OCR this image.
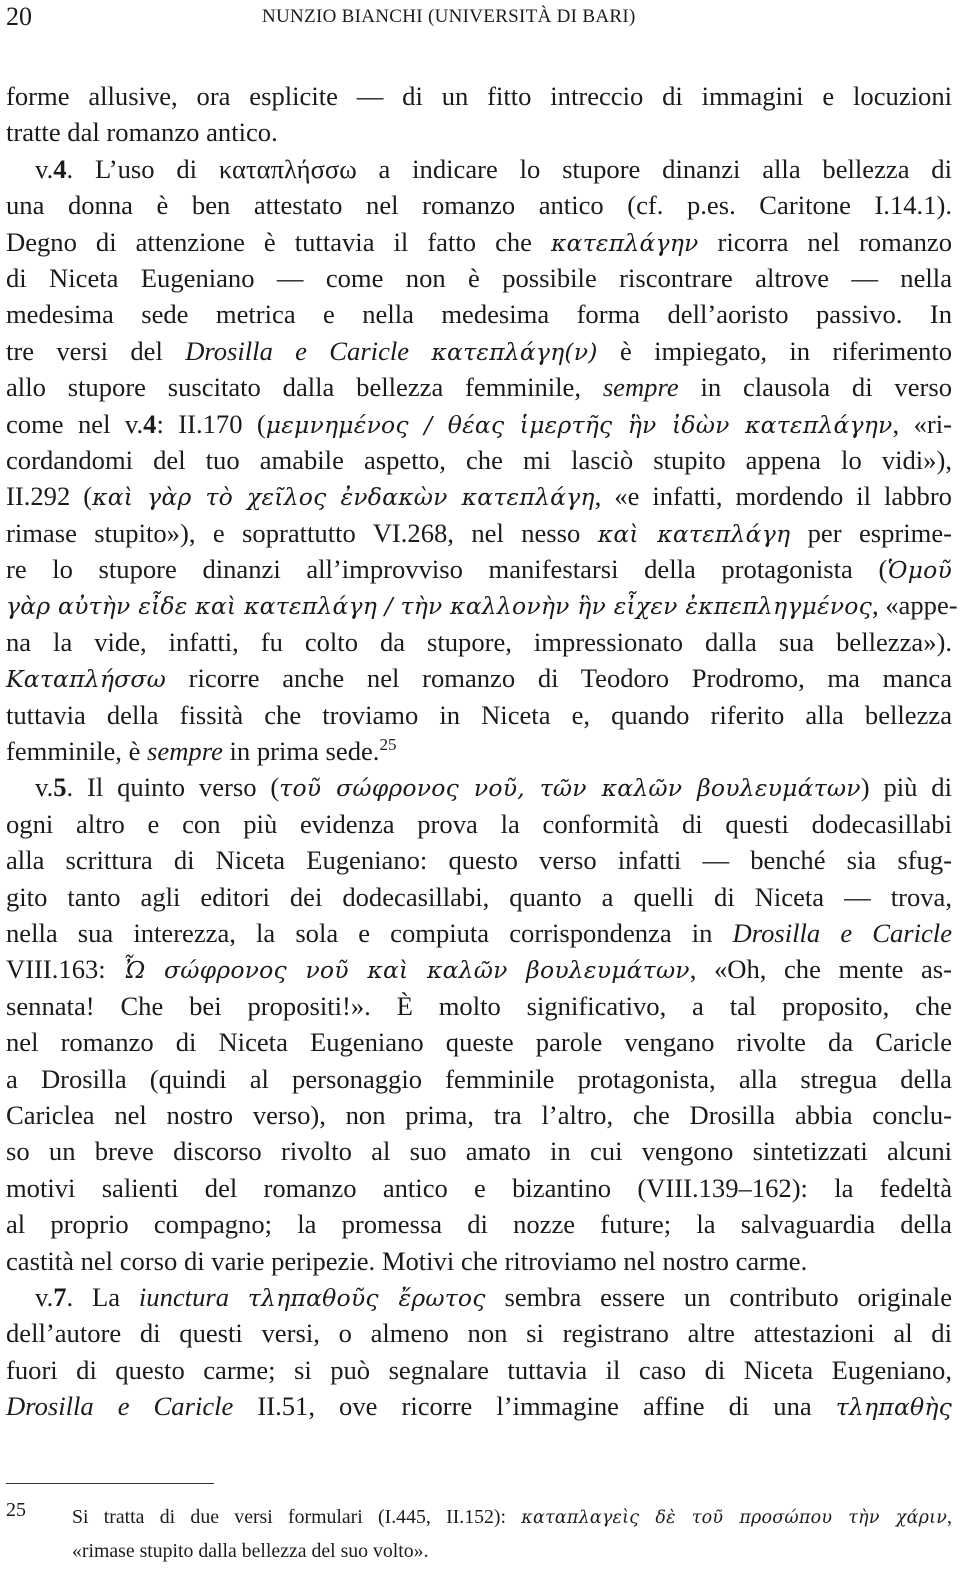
20	NUNZIO BIANCHI (UNIVERSITÀ DI BARI)
forme allusive, ora esplicite — di un fitto intreccio di immagini e locuzioni
tratte dal romanzo antico.
v.4. L’uso di καταπλήσσω a indicare lo stupore dinanzi alla bellezza di
una donna è ben attestato nel romanzo antico (cf. p.es. Caritone I.14.1).
Degno di attenzione è tuttavia il fatto che κατεπλάγην ricorra nel romanzo
di Niceta Eugeniano — come non è possibile riscontrare altrove — nella
medesima sede metrica e nella medesima forma dell’aoristo passivo. In
tre versi del Drosilla e Caricle κατεπλάγη(ν) è impiegato, in riferimento
allo stupore suscitato dalla bellezza femminile, sempre in clausola di verso
come nel v.4: II.170 (μεμνημένος / θέας ἱμερτῆς ἣν ἰδὼν κατεπλάγην, «ri-
cordandomi del tuo amabile aspetto, che mi lasciò stupito appena lo vidi»),
II.292 (καὶ γὰρ τὸ χεῖλος ἐνδακὼν κατεπλάγη, «e infatti, mordendo il labbro
rimase stupito»), e soprattutto VI.268, nel nesso καὶ κατεπλάγη per esprime-
re lo stupore dinanzi all’improvviso manifestarsi della protagonista (Ὁμοῦ
γὰρ αὐτὴν εἶδε καὶ κατεπλάγη / τὴν καλλονὴν ἣν εἶχεν ἐκπεπληγμένος, «appe-
na la vide, infatti, fu colto da stupore, impressionato dalla sua bellezza»).
Καταπλήσσω ricorre anche nel romanzo di Teodoro Prodromo, ma manca
tuttavia della fissità che troviamo in Niceta e, quando riferito alla bellezza
femminile, è sempre in prima sede.$^{25}$
v.5. Il quinto verso (τοῦ σώφρονος νοῦ, τῶν καλῶν βουλευμάτων) più di
ogni altro e con più evidenza prova la conformità di questi dodecasillabi
alla scrittura di Niceta Eugeniano: questo verso infatti — benché sia sfug-
gito tanto agli editori dei dodecasillabi, quanto a quelli di Niceta — trova,
nella sua interezza, la sola e compiuta corrispondenza in Drosilla e Caricle
VIII.163: Ὦ σώφρονος νοῦ καὶ καλῶν βουλευμάτων, «Oh, che mente as-
sennata! Che bei propositi!». È molto significativo, a tal proposito, che
nel romanzo di Niceta Eugeniano queste parole vengano rivolte da Caricle
a Drosilla (quindi al personaggio femminile protagonista, alla stregua della
Cariclea nel nostro verso), non prima, tra l’altro, che Drosilla abbia conclu-
so un breve discorso rivolto al suo amato in cui vengono sintetizzati alcuni
motivi salienti del romanzo antico e bizantino (VIII.139–162): la fedeltà
al proprio compagno; la promessa di nozze future; la salvaguardia della
castità nel corso di varie peripezie. Motivi che ritroviamo nel nostro carme.
v.7. La iunctura τληπαθοῦς ἔρωτος sembra essere un contributo originale
dell’autore di questi versi, o almeno non si registrano altre attestazioni al di
fuori di questo carme; si può segnalare tuttavia il caso di Niceta Eugeniano,
Drosilla e Caricle II.51, ove ricorre l’immagine affine di una τληπαθὴς
25 Si tratta di due versi formulari (I.445, II.152): καταπλαγεὶς δὲ τοῦ προσώπου τὴν χάριν,
«rimase stupito dalla bellezza del suo volto».
